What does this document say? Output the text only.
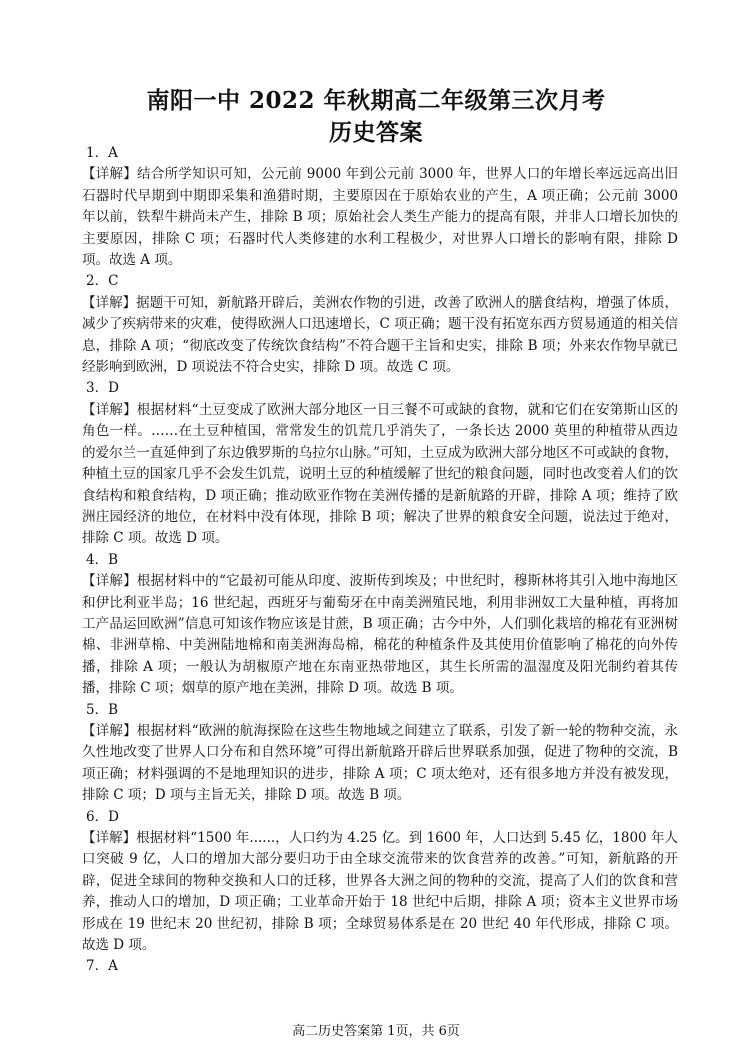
南阳一中 2022 年秋期高二年级第三次月考
历史答案

1．A

【详解】结合所学知识可知，公元前 9000 年到公元前 3000 年，世界人口的年增长率远远高出旧石器时代早期到中期即采集和渔猎时期，主要原因在于原始农业的产生，A 项正确；公元前 3000 年以前，铁犁牛耕尚未产生，排除 B 项；原始社会人类生产能力的提高有限，并非人口增长加快的主要原因，排除 C 项；石器时代人类修建的水利工程极少，对世界人口增长的影响有限，排除 D 项。故选 A 项。

2．C

【详解】据题干可知，新航路开辟后，美洲农作物的引进，改善了欧洲人的膳食结构，增强了体质，减少了疾病带来的灾难，使得欧洲人口迅速增长，C 项正确；题干没有拓宽东西方贸易通道的相关信息，排除 A 项；“彻底改变了传统饮食结构”不符合题干主旨和史实，排除 B 项；外来农作物早就已经影响到欧洲，D 项说法不符合史实，排除 D 项。故选 C 项。

3．D

【详解】根据材料“土豆变成了欧洲大部分地区一日三餐不可或缺的食物，就和它们在安第斯山区的角色一样。……在土豆种植国，常常发生的饥荒几乎消失了，一条长达 2000 英里的种植带从西边的爱尔兰一直延伸到了东边俄罗斯的乌拉尔山脉。”可知，土豆成为欧洲大部分地区不可或缺的食物，种植土豆的国家几乎不会发生饥荒，说明土豆的种植缓解了世纪的粮食问题，同时也改变着人们的饮食结构和粮食结构，D 项正确；推动欧亚作物在美洲传播的是新航路的开辟，排除 A 项；维持了欧洲庄园经济的地位，在材料中没有体现，排除 B 项；解决了世界的粮食安全问题，说法过于绝对，排除 C 项。故选 D 项。

4．B

【详解】根据材料中的“它最初可能从印度、波斯传到埃及；中世纪时，穆斯林将其引入地中海地区和伊比利亚半岛；16 世纪起，西班牙与葡萄牙在中南美洲殖民地，利用非洲奴工大量种植，再将加工产品运回欧洲”信息可知该作物应该是甘蔗，B 项正确；古今中外，人们驯化栽培的棉花有亚洲树棉、非洲草棉、中美洲陆地棉和南美洲海岛棉，棉花的种植条件及其使用价值影响了棉花的向外传播，排除 A 项；一般认为胡椒原产地在东南亚热带地区，其生长所需的温湿度及阳光制约着其传播，排除 C 项；烟草的原产地在美洲，排除 D 项。故选 B 项。

5．B

【详解】根据材料“欧洲的航海探险在这些生物地域之间建立了联系，引发了新一轮的物种交流，永久性地改变了世界人口分布和自然环境”可得出新航路开辟后世界联系加强，促进了物种的交流，B 项正确；材料强调的不是地理知识的进步，排除 A 项；C 项太绝对，还有很多地方并没有被发现，排除 C 项；D 项与主旨无关，排除 D 项。故选 B 项。

6．D

【详解】根据材料“1500 年......，人口约为 4.25 亿。到 1600 年，人口达到 5.45 亿，1800 年人口突破 9 亿，人口的增加大部分要归功于由全球交流带来的饮食营养的改善。”可知，新航路的开辟，促进全球间的物种交换和人口的迁移，世界各大洲之间的物种的交流，提高了人们的饮食和营养，推动人口的增加，D 项正确；工业革命开始于 18 世纪中后期，排除 A 项；资本主义世界市场形成在 19 世纪末 20 世纪初，排除 B 项；全球贸易体系是在 20 世纪 40 年代形成，排除 C 项。故选 D 项。

7．A

高二历史答案第 1页，共 6页
